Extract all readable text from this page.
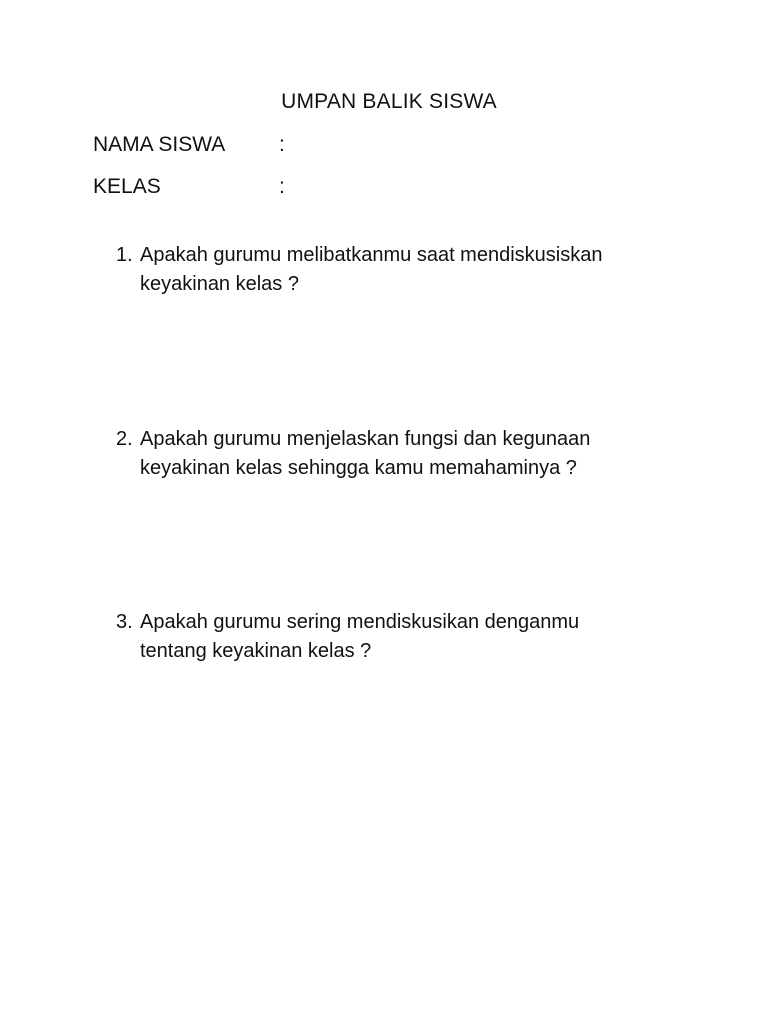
UMPAN BALIK SISWA
NAMA SISWA	:
KELAS	:
1. Apakah gurumu melibatkanmu saat mendiskusiskan keyakinan kelas ?
2. Apakah gurumu menjelaskan fungsi dan kegunaan keyakinan kelas sehingga kamu memahaminya ?
3. Apakah gurumu sering mendiskusikan denganmu tentang keyakinan kelas ?
